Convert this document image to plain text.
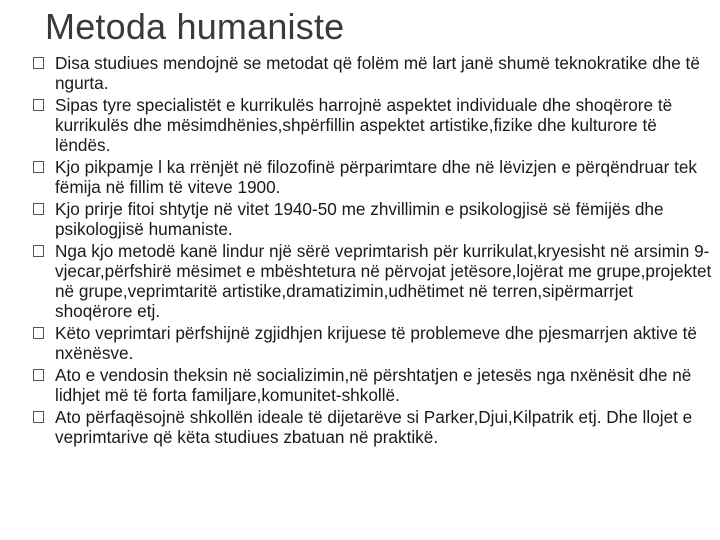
Metoda humaniste
Disa studiues mendojnë se metodat që folëm më lart janë shumë teknokratike dhe të ngurta.
Sipas tyre specialistët e kurrikulës harrojnë aspektet individuale dhe shoqërore të kurrikulës dhe mësimdhënies,shpërfillin aspektet artistike,fizike dhe kulturore të lëndës.
Kjo pikpamje l ka rrënjët në filozofinë përparimtare dhe në lëvizjen e përqëndruar tek fëmija në fillim të viteve 1900.
Kjo prirje fitoi shtytje në vitet 1940-50 me zhvillimin e psikologjisë së fëmijës dhe psikologjisë humaniste.
Nga kjo metodë kanë lindur një sërë veprimtarish për kurrikulat,kryesisht në arsimin 9-vjecar,përfshirë mësimet e mbështetura në përvojat jetësore,lojërat me grupe,projektet në grupe,veprimtaritë artistike,dramatizimin,udhëtimet në terren,sipërmarrjet shoqërore etj.
Këto veprimtari përfshijnë zgjidhjen krijuese të problemeve dhe pjesmarrjen aktive të nxënësve.
Ato e vendosin theksin në socializimin,në përshtatjen e jetesës nga nxënësit dhe në lidhjet më të forta familjare,komunitet-shkollë.
Ato përfaqësojnë shkollën ideale të dijetarëve si Parker,Djui,Kilpatrik etj. Dhe llojet e veprimtarive që këta studiues zbatuan në praktikë.
